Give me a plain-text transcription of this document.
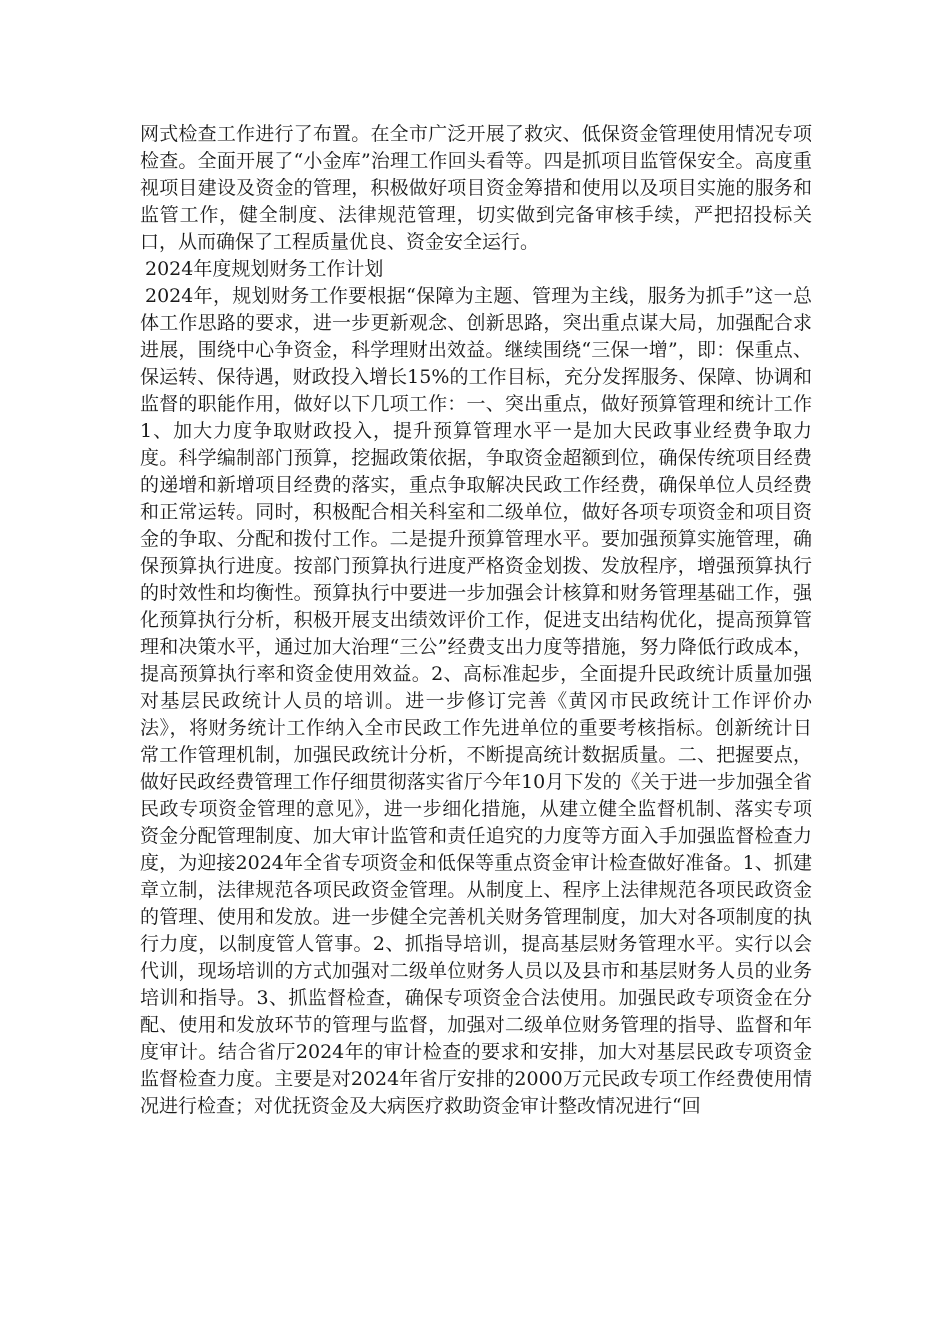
网式检查工作进行了布置。在全市广泛开展了救灾、低保资金管理使用情况专项检查。全面开展了“小金库”治理工作回头看等。四是抓项目监管保安全。高度重视项目建设及资金的管理，积极做好项目资金筹措和使用以及项目实施的服务和监管工作，健全制度、法律规范管理，切实做到完备审核手续，严把招投标关口，从而确保了工程质量优良、资金安全运行。

2024年度规划财务工作计划

2024年，规划财务工作要根据“保障为主题、管理为主线，服务为抓手”这一总体工作思路的要求，进一步更新观念、创新思路，突出重点谋大局，加强配合求进展，围绕中心争资金，科学理财出效益。继续围绕“三保一增”，即：保重点、保运转、保待遇，财政投入增长15%的工作目标，充分发挥服务、保障、协调和监督的职能作用，做好以下几项工作：一、突出重点，做好预算管理和统计工作1、加大力度争取财政投入，提升预算管理水平一是加大民政事业经费争取力度。科学编制部门预算，挖掘政策依据，争取资金超额到位，确保传统项目经费的递增和新增项目经费的落实，重点争取解决民政工作经费，确保单位人员经费和正常运转。同时，积极配合相关科室和二级单位，做好各项专项资金和项目资金的争取、分配和拨付工作。二是提升预算管理水平。要加强预算实施管理，确保预算执行进度。按部门预算执行进度严格资金划拨、发放程序，增强预算执行的时效性和均衡性。预算执行中要进一步加强会计核算和财务管理基础工作，强化预算执行分析，积极开展支出绩效评价工作，促进支出结构优化，提高预算管理和决策水平，通过加大治理“三公”经费支出力度等措施，努力降低行政成本，提高预算执行率和资金使用效益。2、高标准起步，全面提升民政统计质量加强对基层民政统计人员的培训。进一步修订完善《黄冈市民政统计工作评价办法》，将财务统计工作纳入全市民政工作先进单位的重要考核指标。创新统计日常工作管理机制，加强民政统计分析，不断提高统计数据质量。二、把握要点，做好民政经费管理工作仔细贯彻落实省厅今年10月下发的《关于进一步加强全省民政专项资金管理的意见》，进一步细化措施，从建立健全监督机制、落实专项资金分配管理制度、加大审计监管和责任追究的力度等方面入手加强监督检查力度，为迎接2024年全省专项资金和低保等重点资金审计检查做好准备。1、抓建章立制，法律规范各项民政资金管理。从制度上、程序上法律规范各项民政资金的管理、使用和发放。进一步健全完善机关财务管理制度，加大对各项制度的执行力度，以制度管人管事。2、抓指导培训，提高基层财务管理水平。实行以会代训，现场培训的方式加强对二级单位财务人员以及县市和基层财务人员的业务培训和指导。3、抓监督检查，确保专项资金合法使用。加强民政专项资金在分配、使用和发放环节的管理与监督，加强对二级单位财务管理的指导、监督和年度审计。结合省厅2024年的审计检查的要求和安排，加大对基层民政专项资金监督检查力度。主要是对2024年省厅安排的2000万元民政专项工作经费使用情况进行检查；对优抚资金及大病医疗救助资金审计整改情况进行“回
